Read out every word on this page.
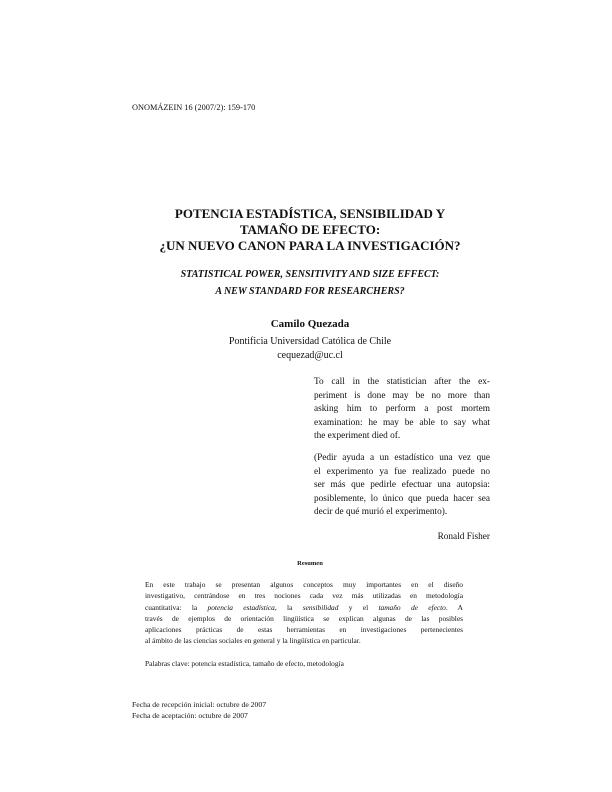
ONOMÁZEIN 16 (2007/2): 159-170
POTENCIA ESTADÍSTICA, SENSIBILIDAD Y
TAMAÑO DE EFECTO:
¿UN NUEVO CANON PARA LA INVESTIGACIÓN?
STATISTICAL POWER, SENSITIVITY AND SIZE EFFECT:
A NEW STANDARD FOR RESEARCHERS?
Camilo Quezada
Pontificia Universidad Católica de Chile
cequezad@uc.cl
To call in the statistician after the ex-
periment is done may be no more than
asking him to perform a post mortem
examination: he may be able to say what
the experiment died of.
(Pedir ayuda a un estadístico una vez que
el experimento ya fue realizado puede no
ser más que pedirle efectuar una autopsia:
posiblemente, lo único que pueda hacer sea
decir de qué murió el experimento).
Ronald Fisher
Resumen
En este trabajo se presentan algunos conceptos muy importantes en el diseño
investigativo, centrándose en tres nociones cada vez más utilizadas en metodología
cuantitativa: la potencia estadística, la sensibilidad y el tamaño de efecto. A
través de ejemplos de orientación lingüística se explican algunas de las posibles
aplicaciones prácticas de estas herramientas en investigaciones pertenecientes
al ámbito de las ciencias sociales en general y la lingüística en particular.
Palabras clave: potencia estadística, tamaño de efecto, metodología
Fecha de recepción inicial: octubre de 2007
Fecha de aceptación: octubre de 2007
